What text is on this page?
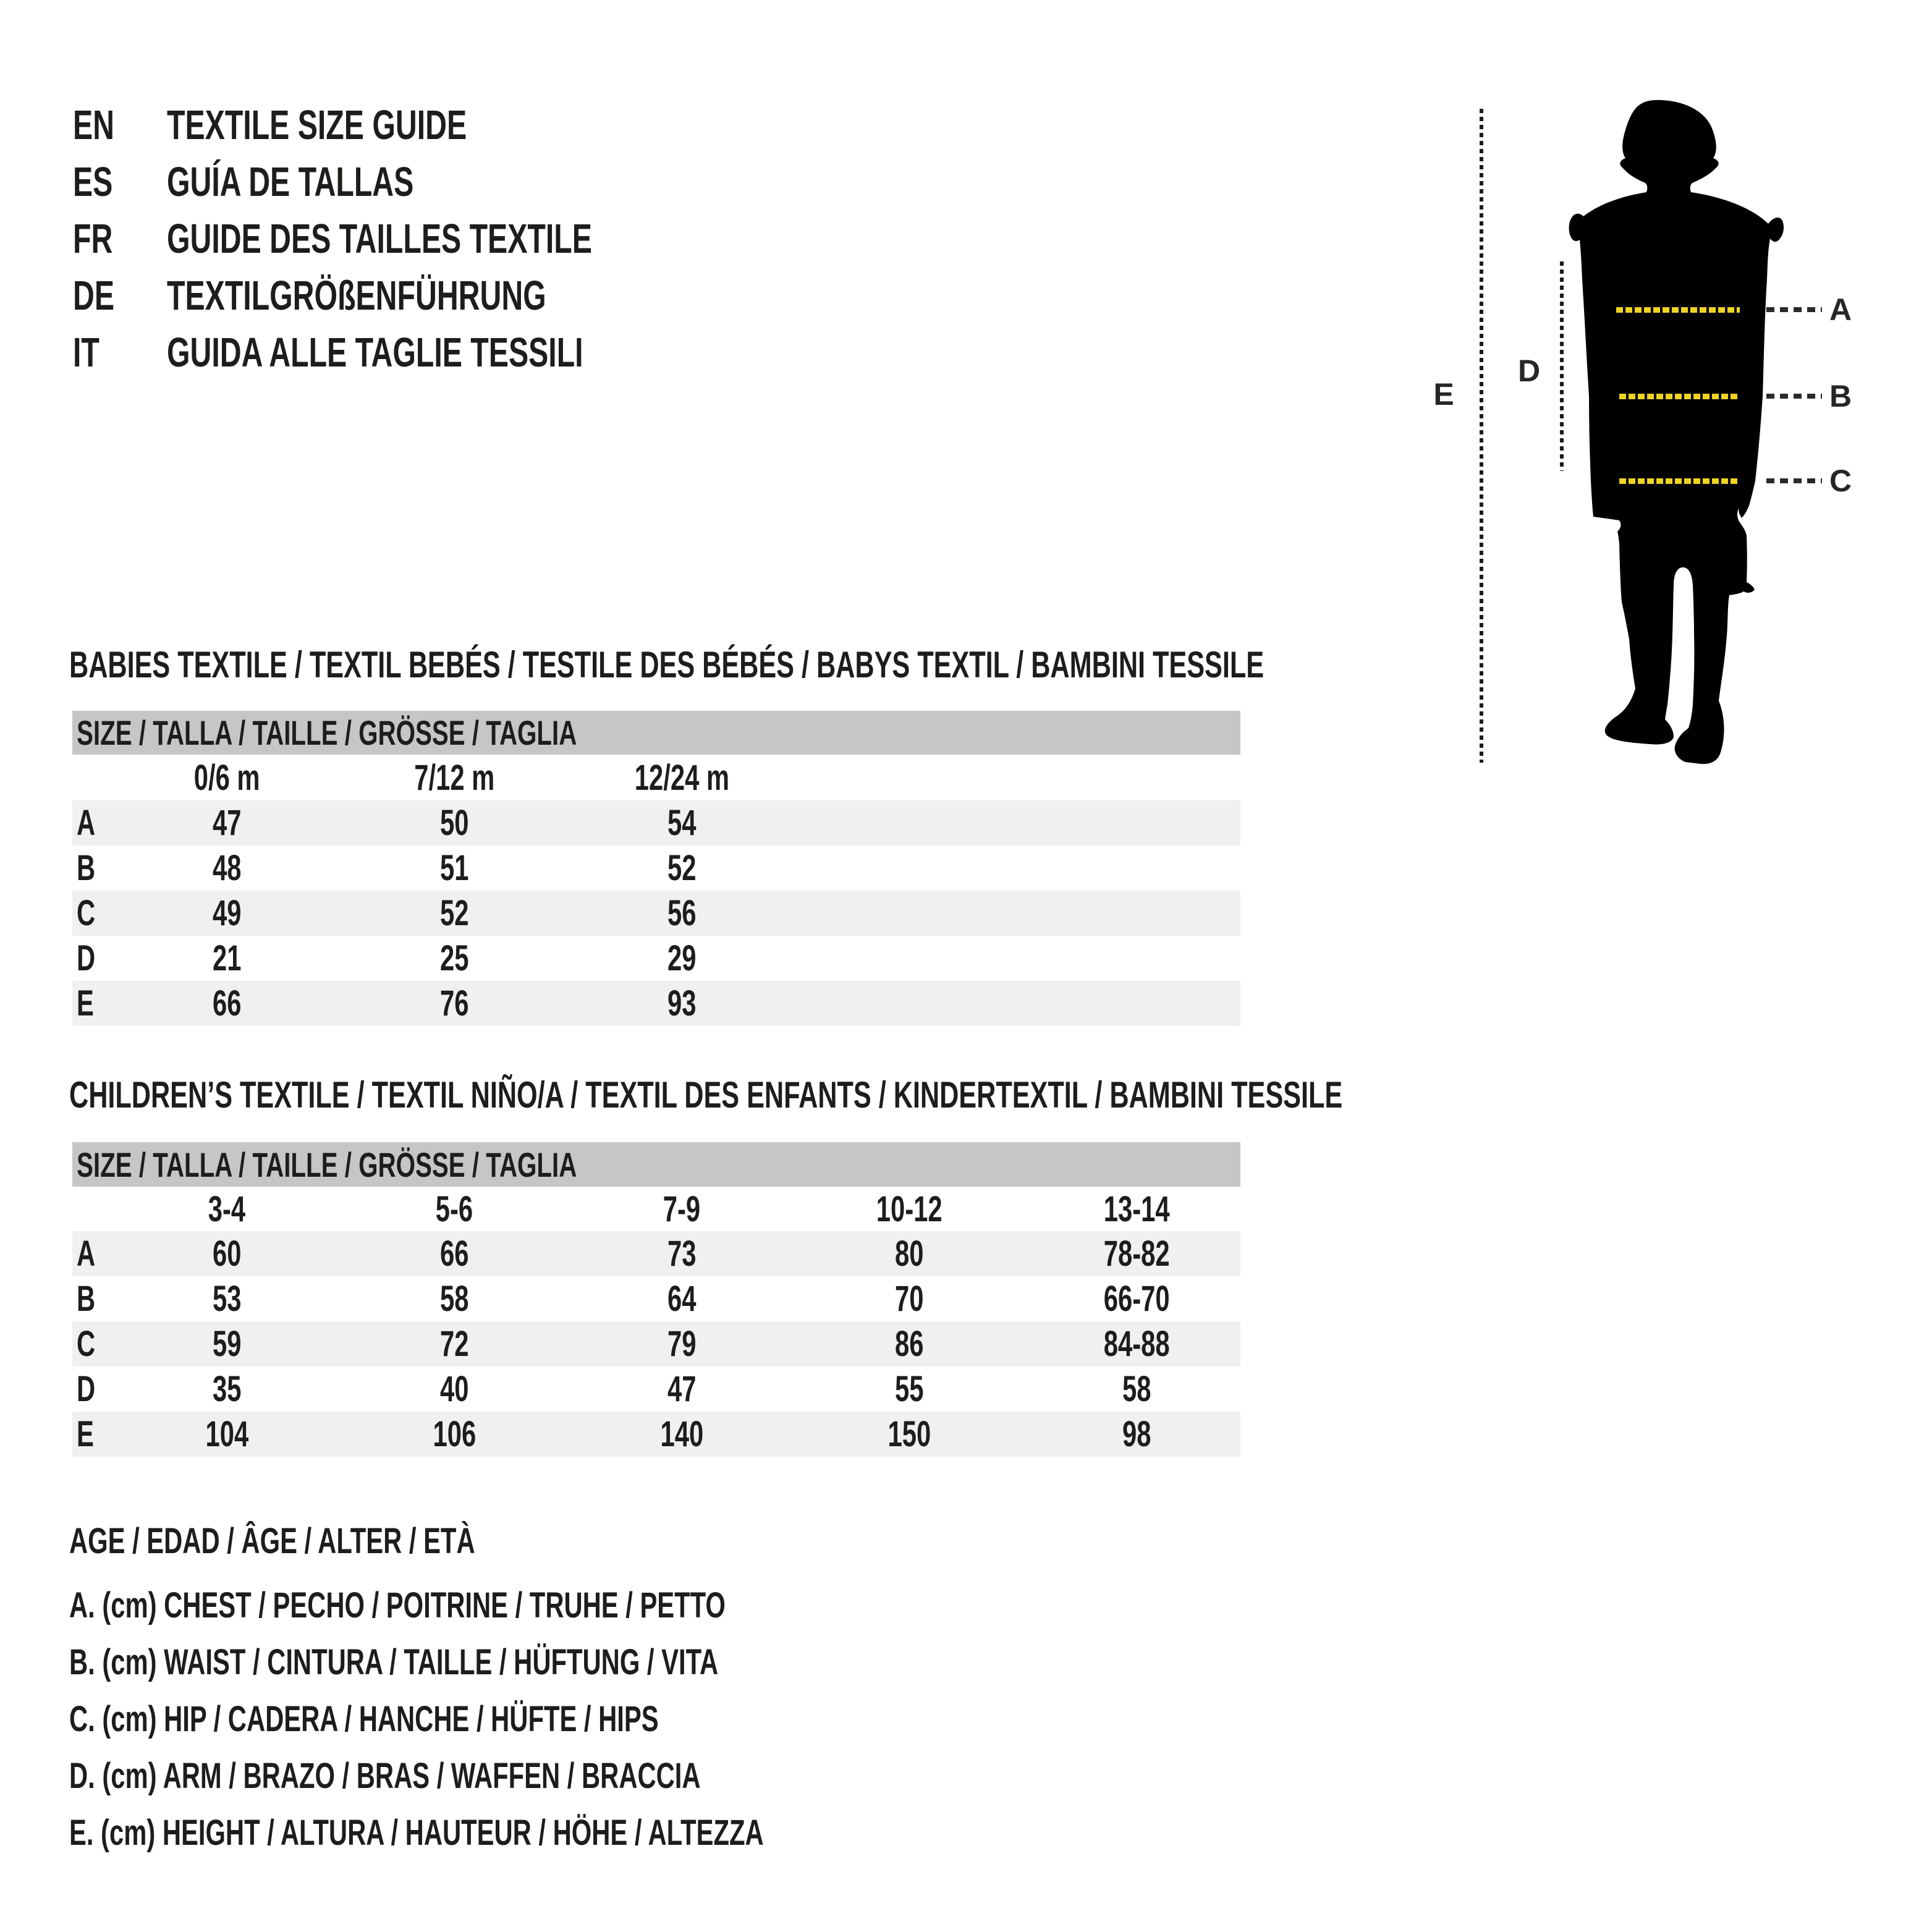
EN	TEXTILE SIZE GUIDE
ES	GUÍA DE TALLAS
FR	GUIDE DES TAILLES TEXTILE
DE	TEXTILGRÖßENFÜHRUNG
IT	GUIDA ALLE TAGLIE TESSILI
E
D
A
B
C
BABIES TEXTILE / TEXTIL BEBÉS / TESTILE DES BÉBÉS / BABYS TEXTIL / BAMBINI TESSILE
SIZE / TALLA / TAILLE / GRÖSSE / TAGLIA
0/6 m	7/12 m	12/24 m
A	47	50	54
B	48	51	52
C	49	52	56
D	21	25	29
E	66	76	93
CHILDREN’S TEXTILE / TEXTIL NIÑO/A / TEXTIL DES ENFANTS / KINDERTEXTIL / BAMBINI TESSILE
SIZE / TALLA / TAILLE / GRÖSSE / TAGLIA
3-4	5-6	7-9	10-12	13-14
A	60	66	73	80	78-82
B	53	58	64	70	66-70
C	59	72	79	86	84-88
D	35	40	47	55	58
E	104	106	140	150	98
AGE / EDAD / ÂGE / ALTER / ETÀ
A. (cm) CHEST / PECHO / POITRINE / TRUHE / PETTO
B. (cm) WAIST / CINTURA / TAILLE / HÜFTUNG / VITA
C. (cm) HIP / CADERA / HANCHE / HÜFTE / HIPS
D. (cm) ARM / BRAZO / BRAS / WAFFEN / BRACCIA
E. (cm) HEIGHT / ALTURA / HAUTEUR / HÖHE / ALTEZZA
